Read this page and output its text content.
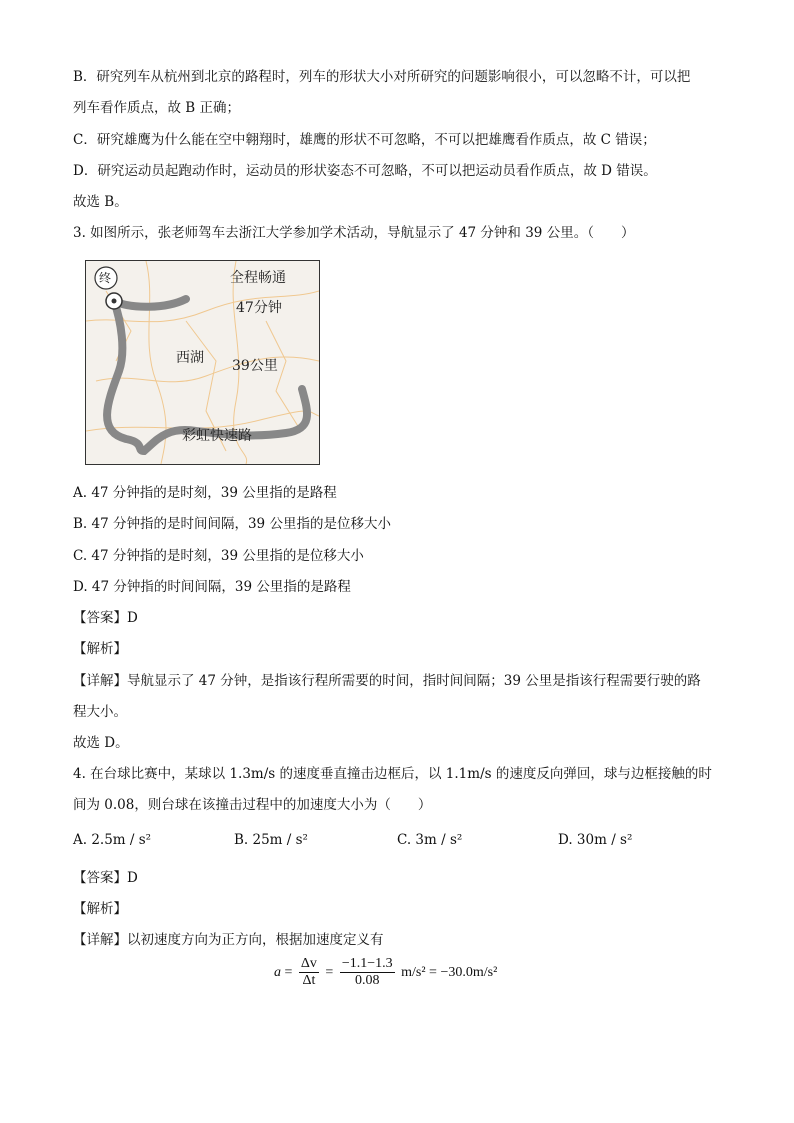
B．研究列车从杭州到北京的路程时，列车的形状大小对所研究的问题影响很小，可以忽略不计，可以把
列车看作质点，故 B 正确；
C．研究雄鹰为什么能在空中翱翔时，雄鹰的形状不可忽略，不可以把雄鹰看作质点，故 C 错误；
D．研究运动员起跑动作时，运动员的形状姿态不可忽略，不可以把运动员看作质点，故 D 错误。
故选 B。
3. 如图所示，张老师驾车去浙江大学参加学术活动，导航显示了 47 分钟和 39 公里。（　　）
终	全程畅通
47分钟
西湖 39公里
彩虹快速路
A. 47 分钟指的是时刻，39 公里指的是路程
B. 47 分钟指的是时间间隔，39 公里指的是位移大小
C. 47 分钟指的是时刻，39 公里指的是位移大小
D. 47 分钟指的时间间隔，39 公里指的是路程
【答案】D
【解析】
【详解】导航显示了 47 分钟，是指该行程所需要的时间，指时间间隔；39 公里是指该行程需要行驶的路
程大小。
故选 D。
4. 在台球比赛中，某球以 1.3m/s 的速度垂直撞击边框后，以 1.1m/s 的速度反向弹回，球与边框接触的时
间为 0.08，则台球在该撞击过程中的加速度大小为（　　）
A. 2.5m / s²	B. 25m / s²	C. 3m / s²	D. 30m / s²
【答案】D
【解析】
【详解】以初速度方向为正方向，根据加速度定义有
$a = \frac{\Delta v}{\Delta t} = \frac{-1.1-1.3}{0.08} m/s^2 = -30.0m/s^2$
